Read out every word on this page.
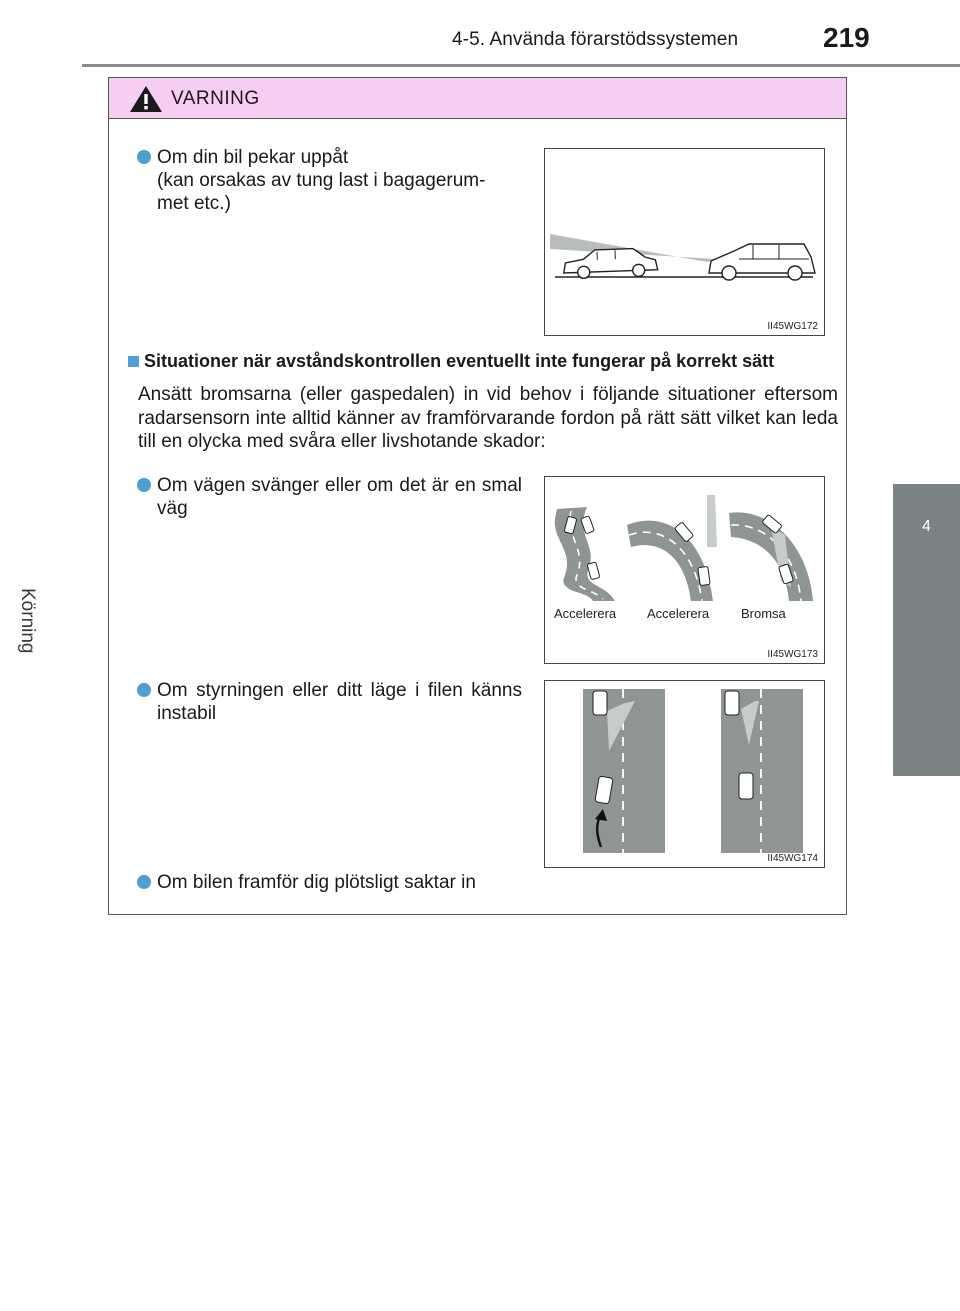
4-5. Använda förarstödssystemen	219
4
Körning
VARNING
Om din bil pekar uppåt
(kan orsakas av tung last i bagagerum-
met etc.)
II45WG172
Situationer när avståndskontrollen eventuellt inte fungerar på korrekt sätt
Ansätt bromsarna (eller gaspedalen) in vid behov i följande situationer eftersom radarsensorn inte alltid känner av framförvarande fordon på rätt sätt vilket kan leda till en olycka med svåra eller livshotande skador:
Om vägen svänger eller om det är en smal väg
Accelerera Accelerera Bromsa
II45WG173
Om styrningen eller ditt läge i filen känns instabil
II45WG174
Om bilen framför dig plötsligt saktar in
